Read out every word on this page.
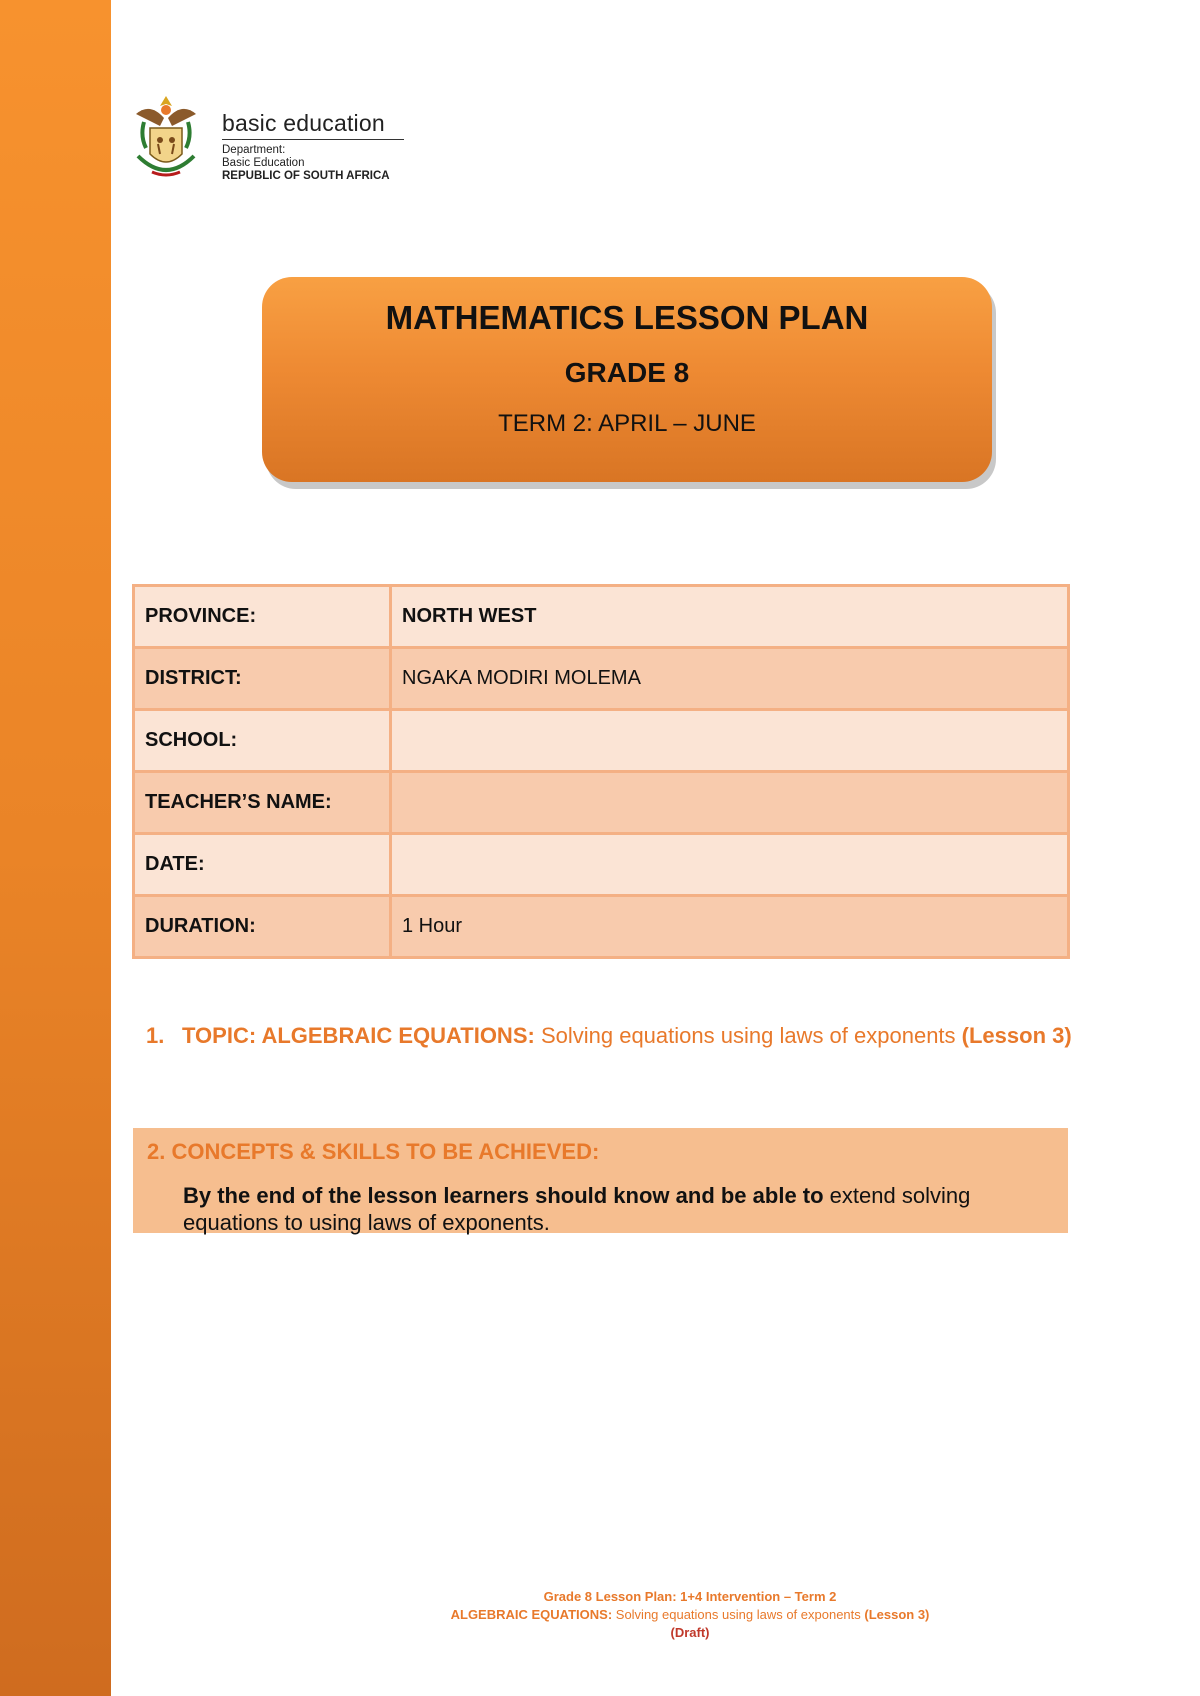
basic education
Department:
Basic Education
REPUBLIC OF SOUTH AFRICA
MATHEMATICS LESSON PLAN
GRADE 8
TERM 2: APRIL – JUNE
PROVINCE:	NORTH WEST
DISTRICT:	NGAKA MODIRI MOLEMA
SCHOOL:	
TEACHER’S NAME:	
DATE:	
DURATION:	1 Hour
1. TOPIC: ALGEBRAIC EQUATIONS: Solving equations using laws of exponents (Lesson 3)
2. CONCEPTS & SKILLS TO BE ACHIEVED:
By the end of the lesson learners should know and be able to extend solving equations to using laws of exponents.
Grade 8 Lesson Plan: 1+4 Intervention – Term 2
ALGEBRAIC EQUATIONS: Solving equations using laws of exponents (Lesson 3)
(Draft)
